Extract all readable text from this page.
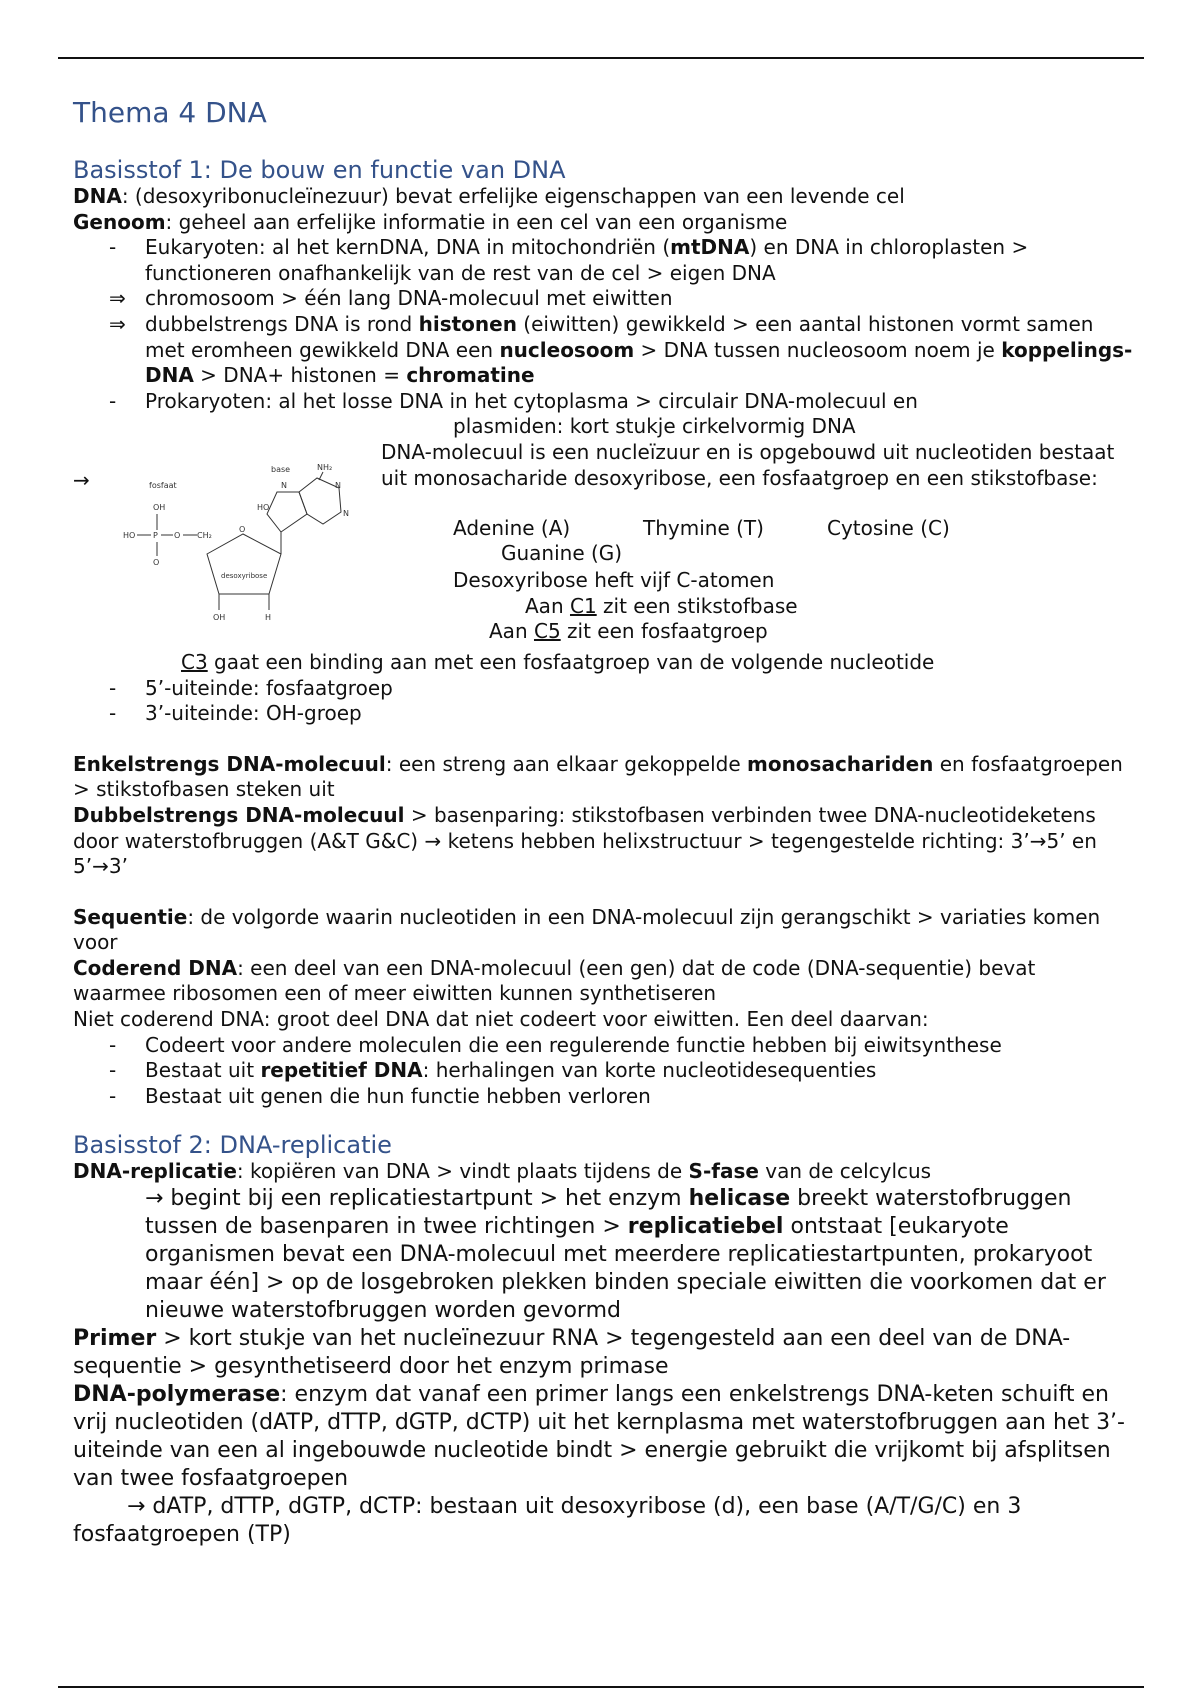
Thema 4 DNA
Basisstof 1: De bouw en functie van DNA

DNA: (desoxyribonucleïnezuur) bevat erfelijke eigenschappen van een levende cel

Genoom: geheel aan erfelijke informatie in een cel van een organisme

-	Eukaryoten: al het kernDNA, DNA in mitochondriën (mtDNA) en DNA in chloroplasten > functioneren onafhankelijk van de rest van de cel > eigen DNA
⇒ chromosoom > één lang DNA-molecuul met eiwitten
⇒ dubbelstrengs DNA is rond histonen (eiwitten) gewikkeld > een aantal histonen vormt samen met eromheen gewikkeld DNA een nucleosoom > DNA tussen nucleosoom noem je koppelings-DNA > DNA+ histonen = chromatine
-	Prokaryoten: al het losse DNA in het cytoplasma > circulair DNA-molecuul en

plasmiden: kort stukje cirkelvormig DNA

→	fosfaat
OH
HO P O CH₂
O
O
desoxyribose
OH	H
base	NH₂
HO
N
N
N
DNA-molecuul is een nucleïzuur en is opgebouwd uit nucleotiden bestaat uit monosacharide desoxyribose, een fosfaatgroep en een stikstofbase:
Adenine (A)	Thymine (T)	Cytosine (C)
Guanine (G)

Desoxyribose heft vijf C-atomen

Aan C1 zit een stikstofbase

Aan C5 zit een fosfaatgroep

C3 gaat een binding aan met een fosfaatgroep van de volgende nucleotide

-	5’-uiteinde: fosfaatgroep
-	3’-uiteinde: OH-groep

Enkelstrengs DNA-molecuul: een streng aan elkaar gekoppelde monosachariden en fosfaatgroepen > stikstofbasen steken uit

Dubbelstrengs DNA-molecuul > basenparing: stikstofbasen verbinden twee DNA-nucleotideketens door waterstofbruggen (A&T G&C) → ketens hebben helixstructuur > tegengestelde richting: 3’→5’ en 5’→3’

Sequentie: de volgorde waarin nucleotiden in een DNA-molecuul zijn gerangschikt > variaties komen voor

Coderend DNA: een deel van een DNA-molecuul (een gen) dat de code (DNA-sequentie) bevat waarmee ribosomen een of meer eiwitten kunnen synthetiseren

Niet coderend DNA: groot deel DNA dat niet codeert voor eiwitten. Een deel daarvan:

-	Codeert voor andere moleculen die een regulerende functie hebben bij eiwitsynthese
-	Bestaat uit repetitief DNA: herhalingen van korte nucleotidesequenties
-	Bestaat uit genen die hun functie hebben verloren
Basisstof 2: DNA-replicatie

DNA-replicatie: kopiëren van DNA > vindt plaats tijdens de S-fase van de celcylcus

→ begint bij een replicatiestartpunt > het enzym helicase breekt waterstofbruggen tussen de basenparen in twee richtingen > replicatiebel ontstaat [eukaryote organismen bevat een DNA-molecuul met meerdere replicatiestartpunten, prokaryoot maar één] > op de losgebroken plekken binden speciale eiwitten die voorkomen dat er nieuwe waterstofbruggen worden gevormd

Primer > kort stukje van het nucleïnezuur RNA > tegengesteld aan een deel van de DNA-sequentie > gesynthetiseerd door het enzym primase

DNA-polymerase: enzym dat vanaf een primer langs een enkelstrengs DNA-keten schuift en vrij nucleotiden (dATP, dTTP, dGTP, dCTP) uit het kernplasma met waterstofbruggen aan het 3’-uiteinde van een al ingebouwde nucleotide bindt > energie gebruikt die vrijkomt bij afsplitsen van twee fosfaatgroepen

→ dATP, dTTP, dGTP, dCTP: bestaan uit desoxyribose (d), een base (A/T/G/C) en 3

fosfaatgroepen (TP)
